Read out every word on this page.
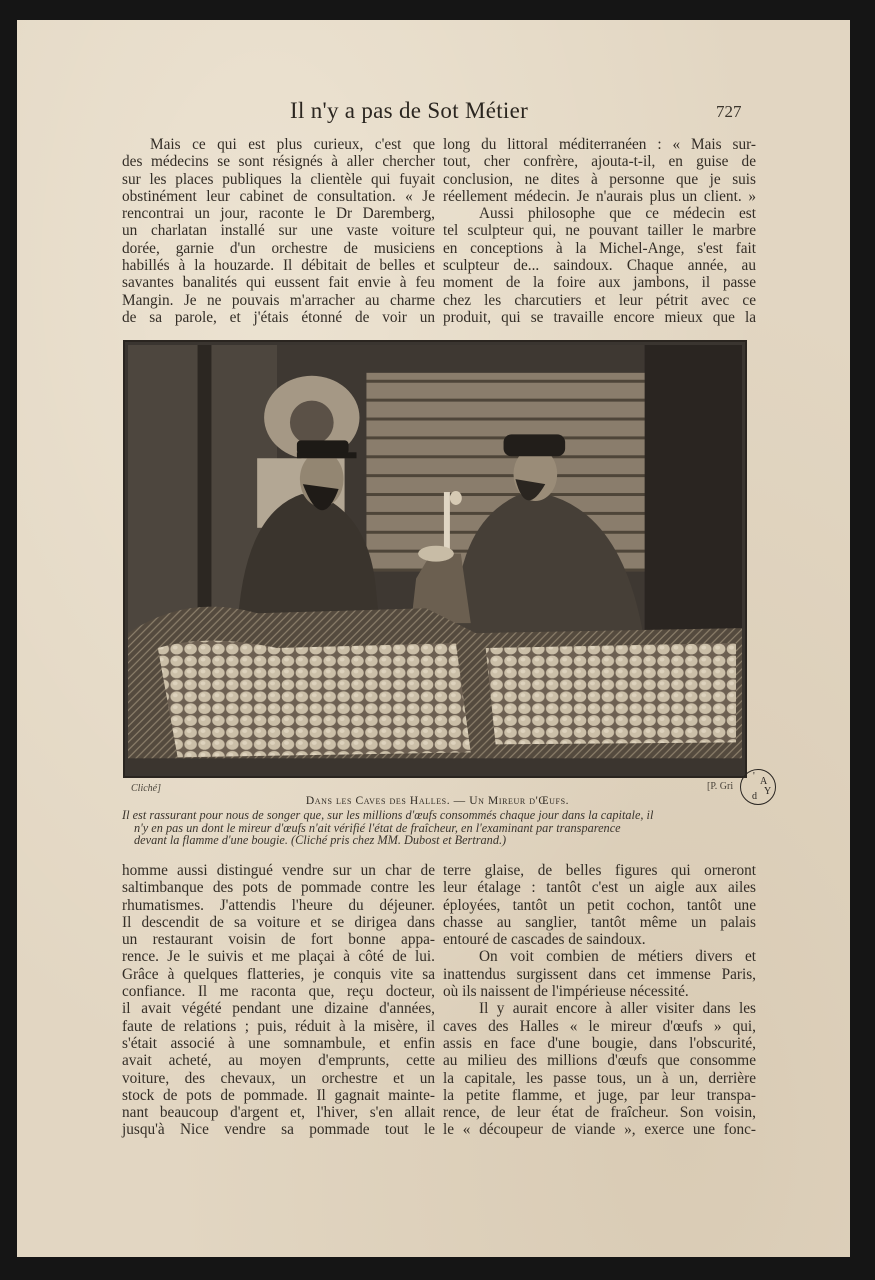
Il n'y a pas de Sot Métier	727
Mais ce qui est plus curieux, c'est que
des médecins se sont résignés à aller chercher
sur les places publiques la clientèle qui fuyait
obstinément leur cabinet de consultation. « Je
rencontrai un jour, raconte le Dr Daremberg,
un charlatan installé sur une vaste voiture
dorée, garnie d'un orchestre de musiciens
habillés à la houzarde. Il débitait de belles et
savantes banalités qui eussent fait envie à feu
Mangin. Je ne pouvais m'arracher au charme
de sa parole, et j'étais étonné de voir un
long du littoral méditerranéen : « Mais sur-
tout, cher confrère, ajouta-t-il, en guise de
conclusion, ne dites à personne que je suis
réellement médecin. Je n'aurais plus un client. »
Aussi philosophe que ce médecin est
tel sculpteur qui, ne pouvant tailler le marbre
en conceptions à la Michel-Ange, s'est fait
sculpteur de... saindoux. Chaque année, au
moment de la foire aux jambons, il passe
chez les charcutiers et leur pétrit avec ce
produit, qui se travaille encore mieux que la
Cliché]	[P. Gri	A
Y
d
'
Dans les Caves des Halles. — Un Mireur d'Œufs.
Il est rassurant pour nous de songer que, sur les millions d'œufs consommés chaque jour dans la capitale, il
n'y en pas un dont le mireur d'œufs n'ait vérifié l'état de fraîcheur, en l'examinant par transparence
devant la flamme d'une bougie. (Cliché pris chez MM. Dubost et Bertrand.)
homme aussi distingué vendre sur un char de
saltimbanque des pots de pommade contre les
rhumatismes. J'attendis l'heure du déjeuner.
Il descendit de sa voiture et se dirigea dans
un restaurant voisin de fort bonne appa-
rence. Je le suivis et me plaçai à côté de lui.
Grâce à quelques flatteries, je conquis vite sa
confiance. Il me raconta que, reçu docteur,
il avait végété pendant une dizaine d'années,
faute de relations ; puis, réduit à la misère, il
s'était associé à une somnambule, et enfin
avait acheté, au moyen d'emprunts, cette
voiture, des chevaux, un orchestre et un
stock de pots de pommade. Il gagnait mainte-
nant beaucoup d'argent et, l'hiver, s'en allait
jusqu'à Nice vendre sa pommade tout le
terre glaise, de belles figures qui orneront
leur étalage : tantôt c'est un aigle aux ailes
éployées, tantôt un petit cochon, tantôt une
chasse au sanglier, tantôt même un palais
entouré de cascades de saindoux.
On voit combien de métiers divers et
inattendus surgissent dans cet immense Paris,
où ils naissent de l'impérieuse nécessité.
Il y aurait encore à aller visiter dans les
caves des Halles « le mireur d'œufs » qui,
assis en face d'une bougie, dans l'obscurité,
au milieu des millions d'œufs que consomme
la capitale, les passe tous, un à un, derrière
la petite flamme, et juge, par leur transpa-
rence, de leur état de fraîcheur. Son voisin,
le « découpeur de viande », exerce une fonc-
